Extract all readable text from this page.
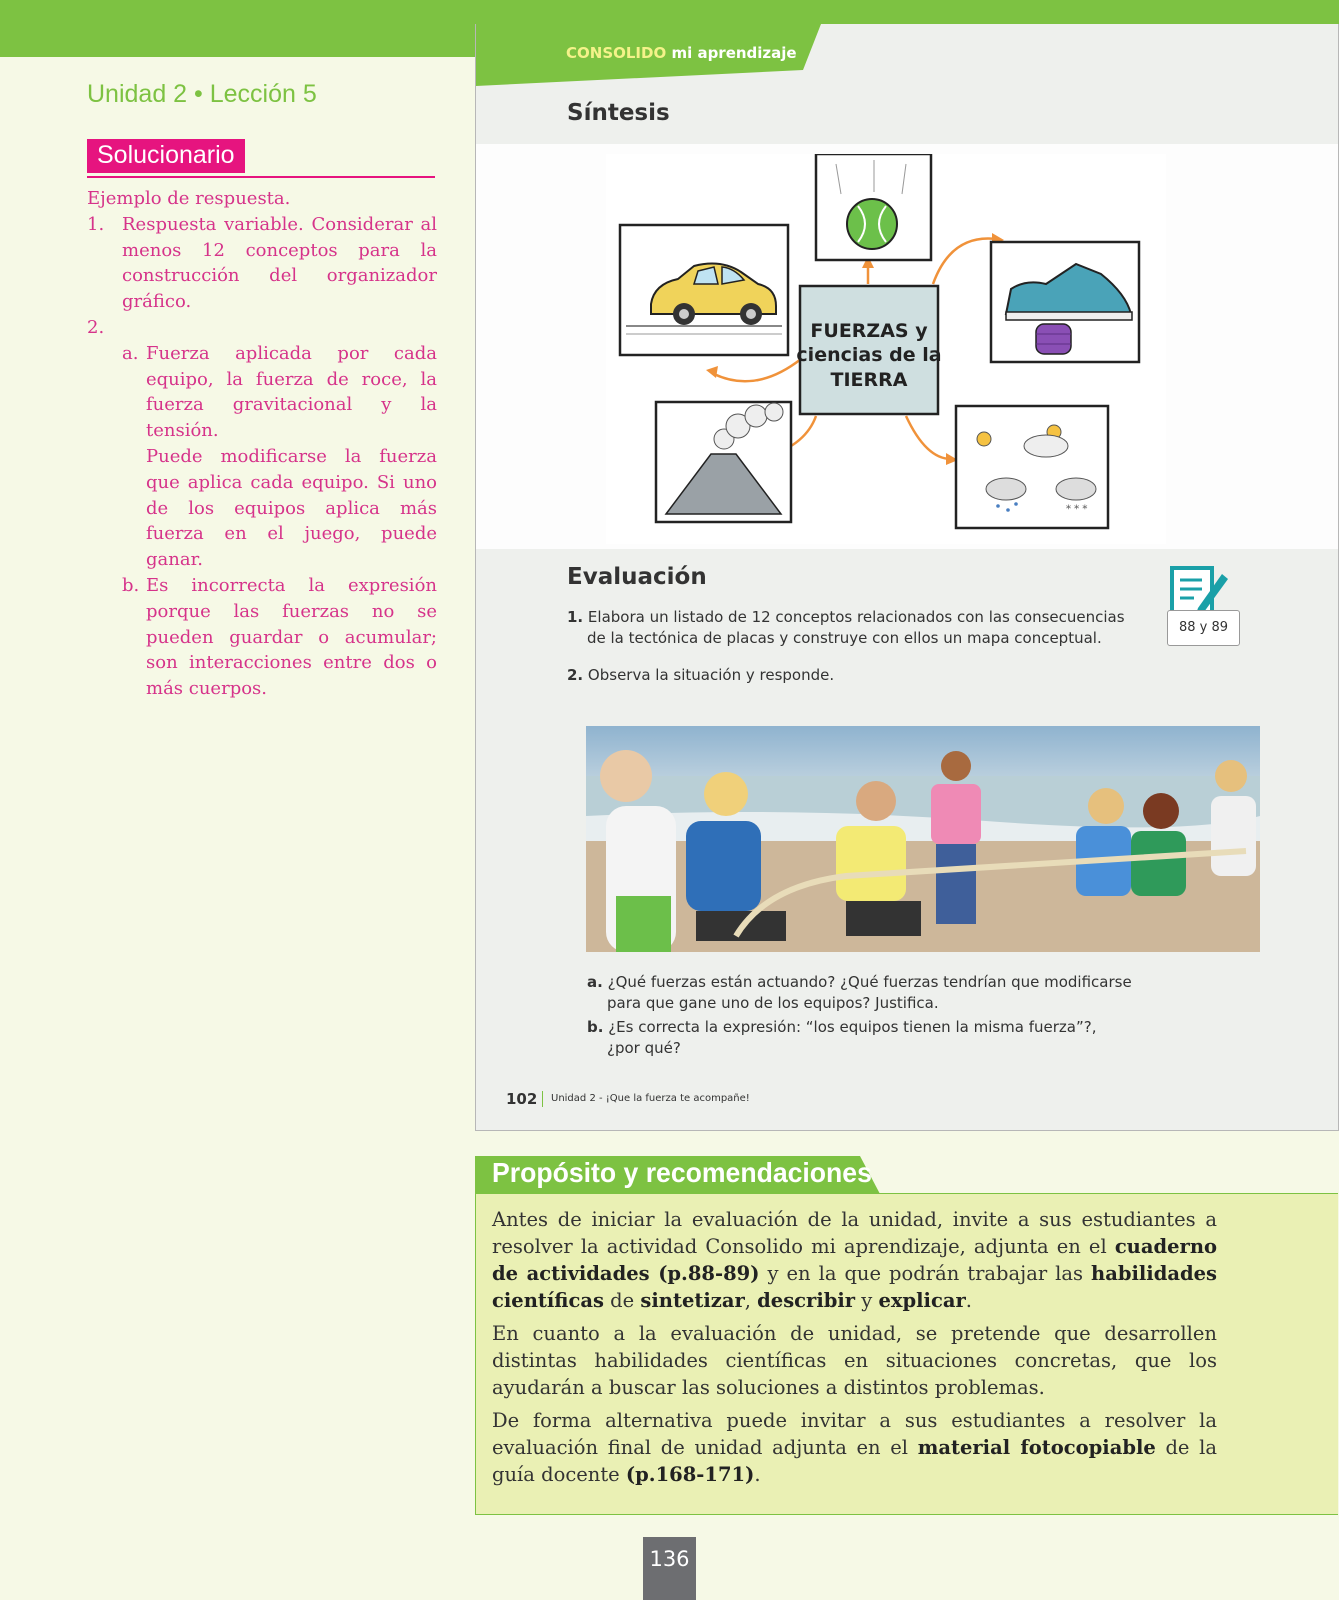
Unidad 2 • Lección 5
Solucionario
Ejemplo de respuesta.
1. Respuesta variable. Considerar al menos 12 conceptos para la construcción del organizador gráfico.
2.
a. Fuerza aplicada por cada equipo, la fuerza de roce, la fuerza gravitacional y la tensión.
Puede modificarse la fuerza que aplica cada equipo. Si uno de los equipos aplica más fuerza en el juego, puede ganar.
b. Es incorrecta la expresión porque las fuerzas no se pueden guardar o acumular; son interacciones entre dos o más cuerpos.
CONSOLIDO mi aprendizaje
Síntesis
FUERZAS y
ciencias de la
TIERRA
* * *
Evaluación
88 y 89
1. Elabora un listado de 12 conceptos relacionados con las consecuencias
de la tectónica de placas y construye con ellos un mapa conceptual.
2. Observa la situación y responde.
a. ¿Qué fuerzas están actuando? ¿Qué fuerzas tendrían que modificarse
para que gane uno de los equipos? Justifica.
b. ¿Es correcta la expresión: “los equipos tienen la misma fuerza”?,
¿por qué?
102 Unidad 2 - ¡Que la fuerza te acompañe!
Propósito y recomendaciones

Antes de iniciar la evaluación de la unidad, invite a sus estudiantes a resolver la actividad Consolido mi aprendizaje, adjunta en el cuaderno de actividades (p.88-89) y en la que podrán trabajar las habilidades científicas de sintetizar, describir y explicar.

En cuanto a la evaluación de unidad, se pretende que desarrollen distintas habilidades científicas en situaciones concretas, que los ayudarán a buscar las soluciones a distintos problemas.

De forma alternativa puede invitar a sus estudiantes a resolver la evaluación final de unidad adjunta en el material fotocopiable de la guía docente (p.168-171).

136
